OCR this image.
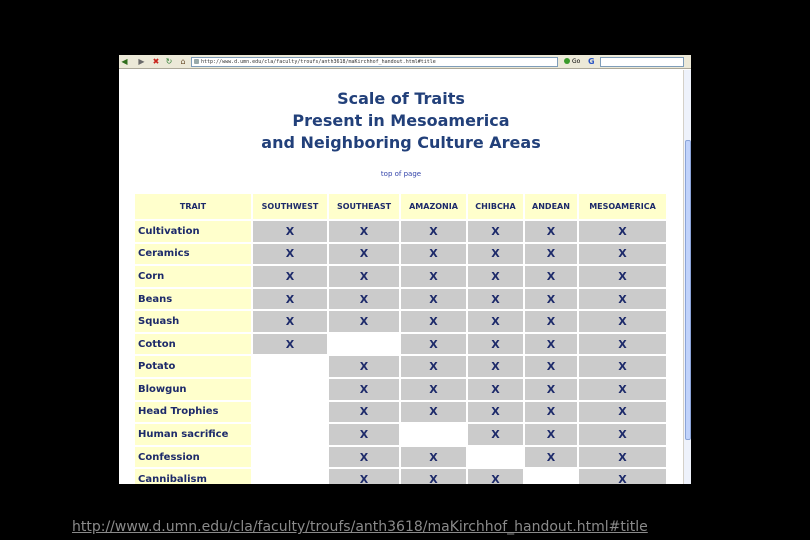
◀ ▶ ✖ ↻ ⌂	http://www.d.umn.edu/cla/faculty/troufs/anth3618/maKirchhof_handout.html#title	Go G
Scale of Traits
Present in Mesoamerica
and Neighboring Culture Areas
top of page
TRAIT	SOUTHWEST	SOUTHEAST	AMAZONIA	CHIBCHA	ANDEAN	MESOAMERICA
Cultivation	X	X	X	X	X	X
Ceramics	X	X	X	X	X	X
Corn	X	X	X	X	X	X
Beans	X	X	X	X	X	X
Squash	X	X	X	X	X	X
Cotton	X		X	X	X	X
Potato		X	X	X	X	X
Blowgun		X	X	X	X	X
Head Trophies		X	X	X	X	X
Human sacrifice		X		X	X	X
Confession		X	X		X	X
Cannibalism		X	X	X		X
http://www.d.umn.edu/cla/faculty/troufs/anth3618/maKirchhof_handout.html#title
